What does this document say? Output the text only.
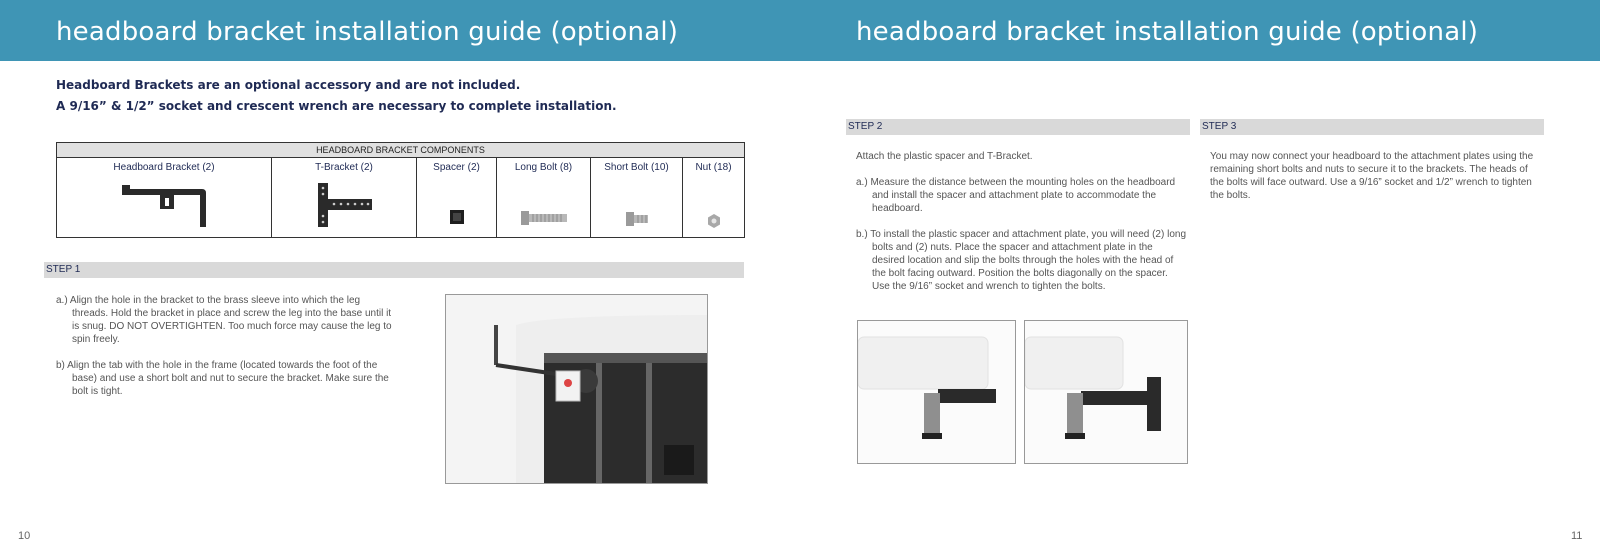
headboard bracket installation guide (optional)

Headboard Brackets are an optional accessory and are not included.

A 9/16” & 1/2” socket and crescent wrench are necessary to complete installation.

HEADBOARD BRACKET COMPONENTS

Headboard Bracket (2)	T-Bracket (2)	Spacer (2)	Long Bolt (8)	Short Bolt (10)	Nut (18)
STEP 1

a.) Align the hole in the bracket to the brass sleeve into which the leg threads. Hold the bracket in place and screw the leg into the base until it is snug. DO NOT OVERTIGHTEN. Too much force may cause the leg to spin freely.

b) Align the tab with the hole in the frame (located towards the foot of the base) and use a short bolt and nut to secure the bracket. Make sure the bolt is tight.

10
headboard bracket installation guide (optional)
STEP 2	STEP 3

Attach the plastic spacer and T-Bracket.

a.) Measure the distance between the mounting holes on the headboard and install the spacer and attachment plate to accommodate the headboard.

b.) To install the plastic spacer and attachment plate, you will need (2) long bolts and (2) nuts. Place the spacer and attachment plate in the desired location and slip the bolts through the holes with the head of the bolt facing outward. Position the bolts diagonally on the spacer. Use the 9/16” socket and wrench to tighten the bolts.

You may now connect your headboard to the attachment plates using the remaining short bolts and nuts to secure it to the brackets. The heads of the bolts will face outward. Use a 9/16” socket and 1/2” wrench to tighten the bolts.

11
